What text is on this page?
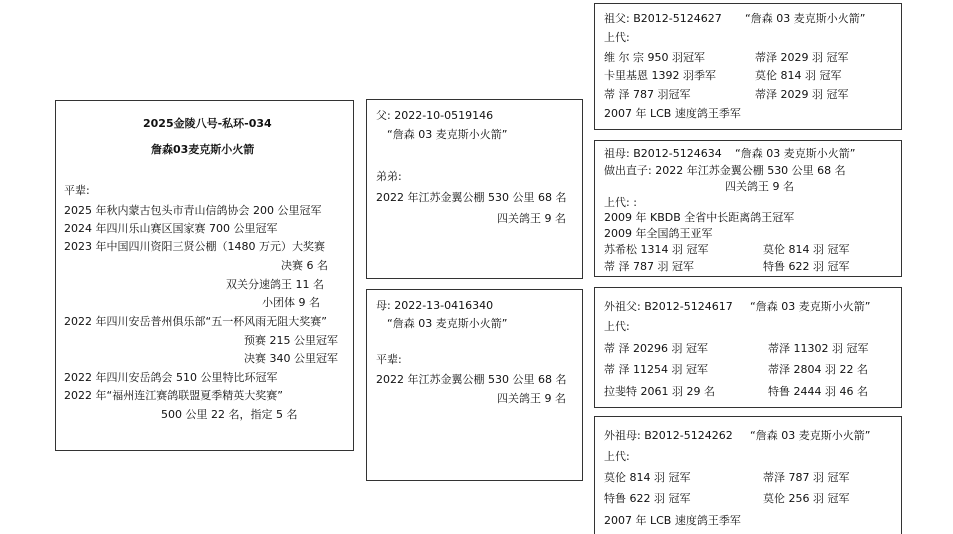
2025金陵八号-私环-034
詹森03麦克斯小火箭
平辈:
2025 年秋内蒙古包头市青山信鸽协会 200 公里冠军
2024 年四川乐山赛区国家赛 700 公里冠军
2023 年中国四川资阳三贤公棚（1480 万元）大奖赛
决赛 6 名
双关分速鸽王 11 名
小团体 9 名
2022 年四川安岳普州俱乐部“五一杯风雨无阻大奖赛”
预赛 215 公里冠军
决赛 340 公里冠军
2022 年四川安岳鸽会 510 公里特比环冠军
2022 年“福州连江赛鸽联盟夏季精英大奖赛”
500 公里 22 名，指定 5 名
父: 2022-10-0519146
“詹森 03 麦克斯小火箭”
弟弟:
2022 年江苏金翼公棚 530 公里 68 名
四关鸽王 9 名
母: 2022-13-0416340
“詹森 03 麦克斯小火箭”
平辈:
2022 年江苏金翼公棚 530 公里 68 名
四关鸽王 9 名
祖父: B2012-5124627 “詹森 03 麦克斯小火箭”
上代:
维 尔 宗 950 羽冠军	蒂泽 2029 羽 冠军
卡里基恩 1392 羽季军	莫伦 814 羽 冠军
蒂 泽 787 羽冠军	蒂泽 2029 羽 冠军
2007 年 LCB 速度鸽王季军
祖母: B2012-5124634 “詹森 03 麦克斯小火箭”
做出直子: 2022 年江苏金翼公棚 530 公里 68 名
四关鸽王 9 名
上代: :
2009 年 KBDB 全省中长距离鸽王冠军
2009 年全国鸽王亚军
苏希松 1314 羽 冠军	莫伦 814 羽 冠军
蒂 泽 787 羽 冠军	特鲁 622 羽 冠军
外祖父: B2012-5124617 “詹森 03 麦克斯小火箭”
上代:
蒂 泽 20296 羽 冠军	蒂泽 11302 羽 冠军
蒂 泽 11254 羽 冠军	蒂泽 2804 羽 22 名
拉斐特 2061 羽 29 名	特鲁 2444 羽 46 名
外祖母: B2012-5124262 “詹森 03 麦克斯小火箭”
上代:
莫伦 814 羽 冠军	蒂泽 787 羽 冠军
特鲁 622 羽 冠军	莫伦 256 羽 冠军
2007 年 LCB 速度鸽王季军
